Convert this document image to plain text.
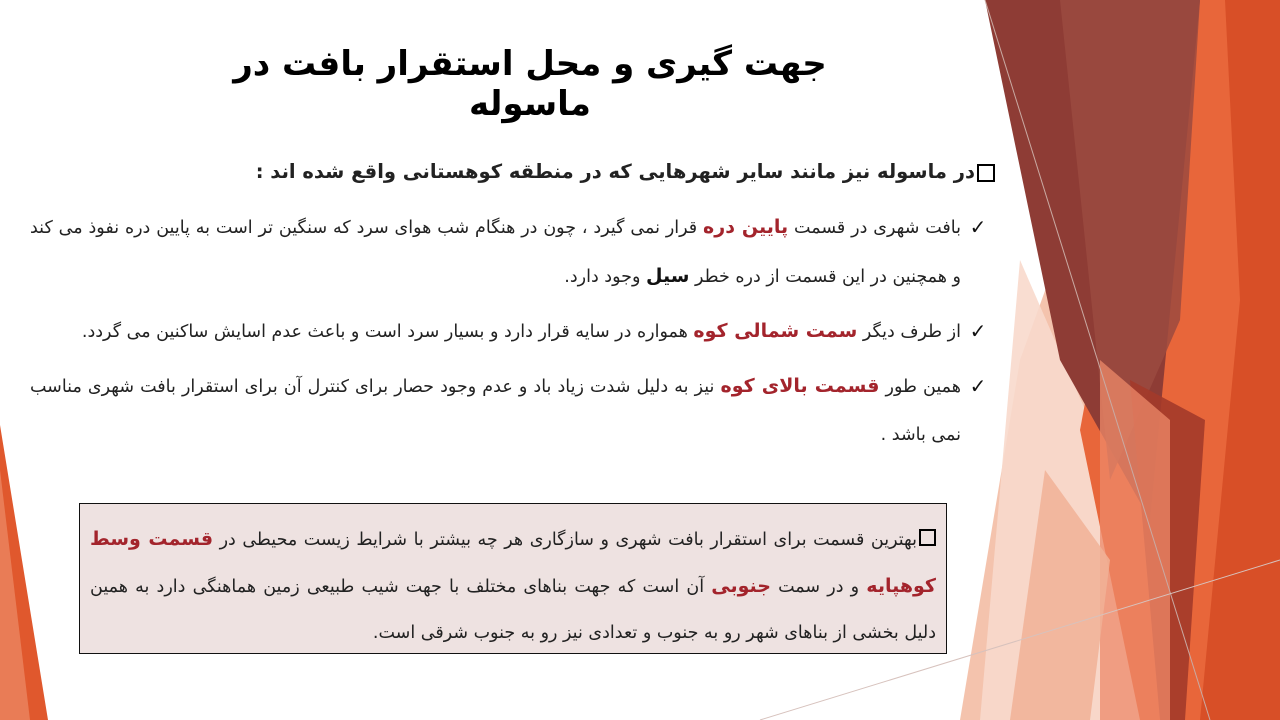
جهت گیری و محل استقرار بافت در ماسوله
در ماسوله نیز مانند سایر شهرهایی که در منطقه کوهستانی واقع شده اند :
✓
بافت شهری در قسمت پایین دره قرار نمی گیرد ، چون در هنگام شب هوای سرد که سنگین تر است به پایین دره نفوذ می کند و همچنین در این قسمت از دره خطر سیل وجود دارد.
✓
از طرف دیگر سمت شمالی کوه همواره در سایه قرار دارد و بسیار سرد است و باعث عدم اسایش ساکنین می گردد.
✓
همین طور قسمت بالای کوه نیز به دلیل شدت زیاد باد و عدم وجود حصار برای کنترل آن برای استقرار بافت شهری مناسب نمی باشد .
بهترین قسمت برای استقرار بافت شهری و سازگاری هر چه بیشتر با شرایط زیست محیطی در قسمت وسط کوهپایه و در سمت جنوبی آن است که جهت بناهای مختلف با جهت شیب طبیعی زمین هماهنگی دارد به همین دلیل بخشی از بناهای شهر رو به جنوب و تعدادی نیز رو به جنوب شرقی است.
